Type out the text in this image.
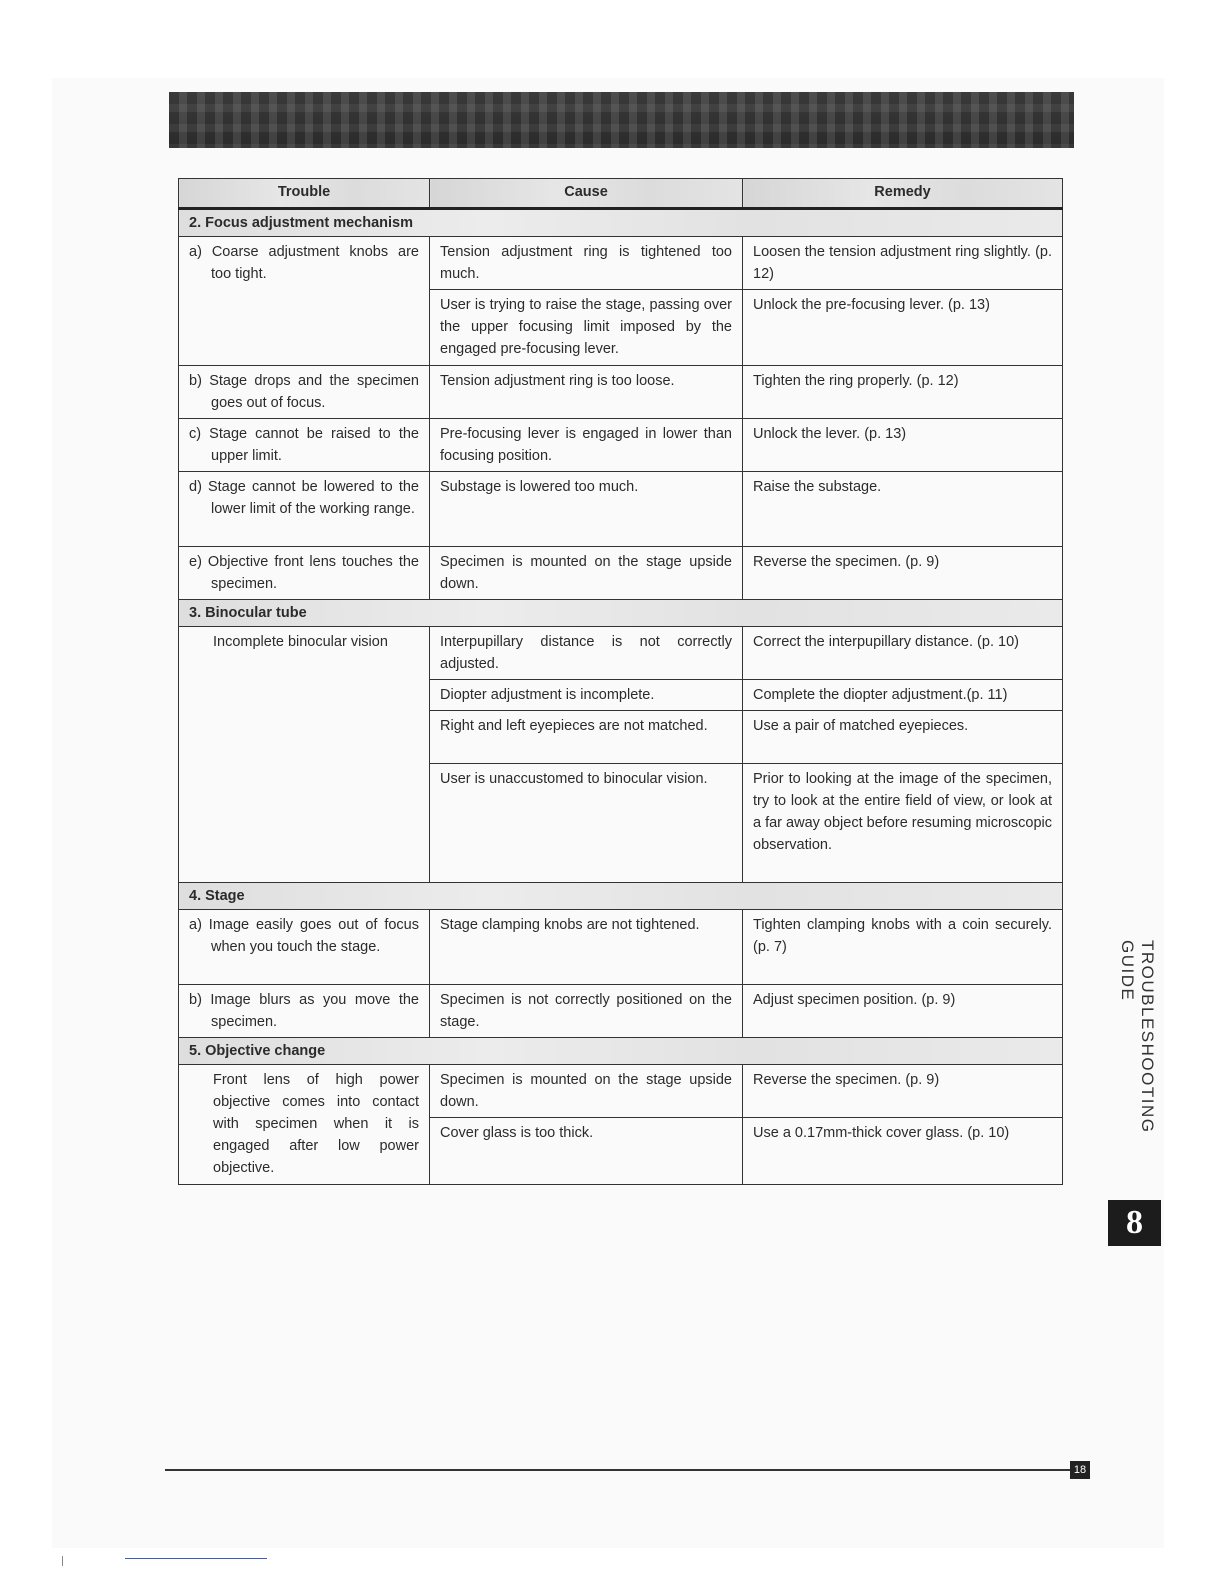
Trouble	Cause	Remedy
2. Focus adjustment mechanism		

a) Coarse adjustment knobs are too tight.	Tension adjustment ring is tightened too much.	Loosen the tension adjustment ring slightly. (p. 12)
	User is trying to raise the stage, passing over the upper focusing limit imposed by the engaged pre-focusing lever.	Unlock the pre-focusing lever. (p. 13)

b) Stage drops and the specimen goes out of focus.	Tension adjustment ring is too loose.	Tighten the ring properly. (p. 12)

c) Stage cannot be raised to the upper limit.	Pre-focusing lever is engaged in lower than focusing position.	Unlock the lever. (p. 13)

d) Stage cannot be lowered to the lower limit of the working range.	Substage is lowered too much.	Raise the substage.

e) Objective front lens touches the specimen.	Specimen is mounted on the stage upside down.	Reverse the specimen. (p. 9)
3. Binocular tube		

Incomplete binocular vision	Interpupillary distance is not correctly adjusted.	Correct the interpupillary distance. (p. 10)
	Diopter adjustment is incomplete.	Complete the diopter adjustment.(p. 11)
	Right and left eyepieces are not matched.	Use a pair of matched eyepieces.
	User is unaccustomed to binocular vision.	Prior to looking at the image of the specimen, try to look at the entire field of view, or look at a far away object before resuming microscopic observation.
4. Stage		

a) Image easily goes out of focus when you touch the stage.	Stage clamping knobs are not tightened.	Tighten clamping knobs with a coin securely. (p. 7)

b) Image blurs as you move the specimen.	Specimen is not correctly positioned on the stage.	Adjust specimen position. (p. 9)
5. Objective change		

Front lens of high power objective comes into contact with specimen when it is engaged after low power objective.	Specimen is mounted on the stage upside down.	Reverse the specimen. (p. 9)
	Cover glass is too thick.	Use a 0.17mm-thick cover glass. (p. 10)	TROUBLESHOOTING GUIDE
8
18
